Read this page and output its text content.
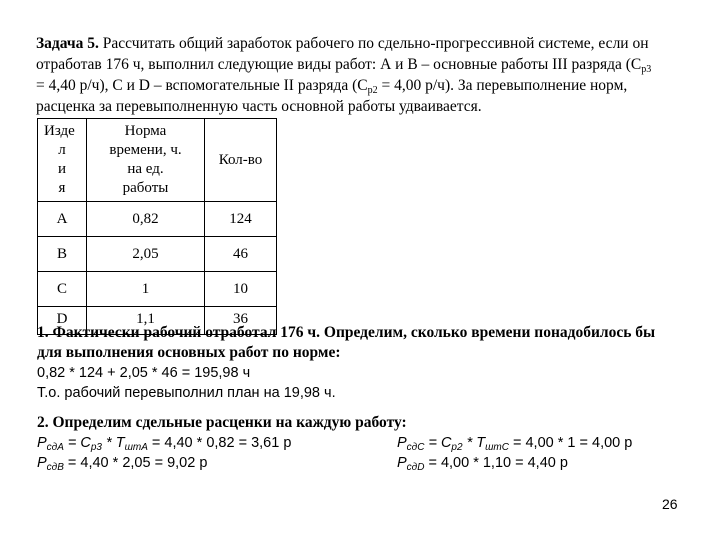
Задача 5. Рассчитать общий заработок рабочего по сдельно-прогрессивной системе, если он
отработав 176 ч, выполнил следующие виды работ: А и В – основные работы III разряда ($С_{р3}$
= 4,40 р/ч), С и D – вспомогательные II разряда ($С_{р2} = 4,00$ р/ч). За перевыполнение норм,
расценка за перевыполненную часть основной работы удваивается.
Изде
л
и
я	Норма
времени, ч.
на ед.
работы	Кол-во
А	0,82	124
В	2,05	46
С	1	10
D	1,1	36
1. Фактически рабочий отработал 176 ч. Определим, сколько времени понадобилось бы
для выполнения основных работ по норме:
0,82 * 124 + 2,05 * 46 = 195,98 ч
Т.о. рабочий перевыполнил план на 19,98 ч.
2. Определим сдельные расценки на каждую работу:
$P_{сдА} = С_{р3} * T_{штА} = 4,40 * 0,82 = 3,61$ р
$P_{сдВ} = 4,40 * 2,05 = 9,02$ р
$P_{сдС} = С_{р2} * T_{штС} = 4,00 * 1 = 4,00$ р
$P_{сдD} = 4,00 * 1,10 = 4,40$ р
26
